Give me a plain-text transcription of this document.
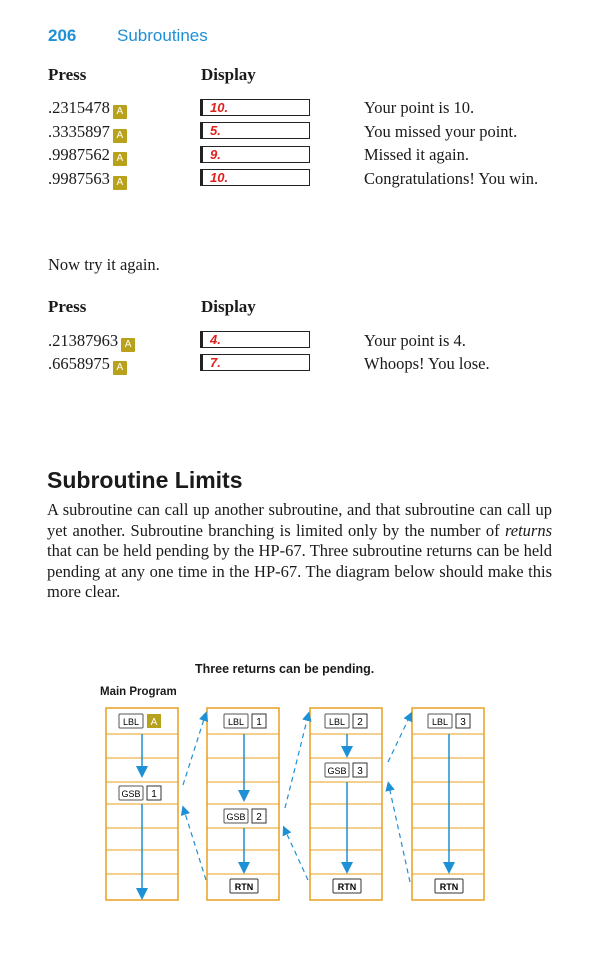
206 Subroutines
Press	Display
.2315478 A	10.	Your point is 10.
.3335897 A	5.	You missed your point.
.9987562 A	9.	Missed it again.
.9987563 A	10.	Congratulations! You win.
Now try it again.
Press	Display
.21387963 A	4.	Your point is 4.
.6658975 A	7.	Whoops! You lose.
Subroutine Limits
A subroutine can call up another subroutine, and that subroutine can call up yet another. Subroutine branching is limited only by the number of returns that can be held pending by the HP-67. Three subroutine returns can be held pending at any one time in the HP-67. The diagram below should make this more clear.
Three returns can be pending.
Main Program
LBL A
GSB 1
LBL 1
GSB 2
RTN
LBL 2
GSB 3
RTN
LBL 3
RTN
